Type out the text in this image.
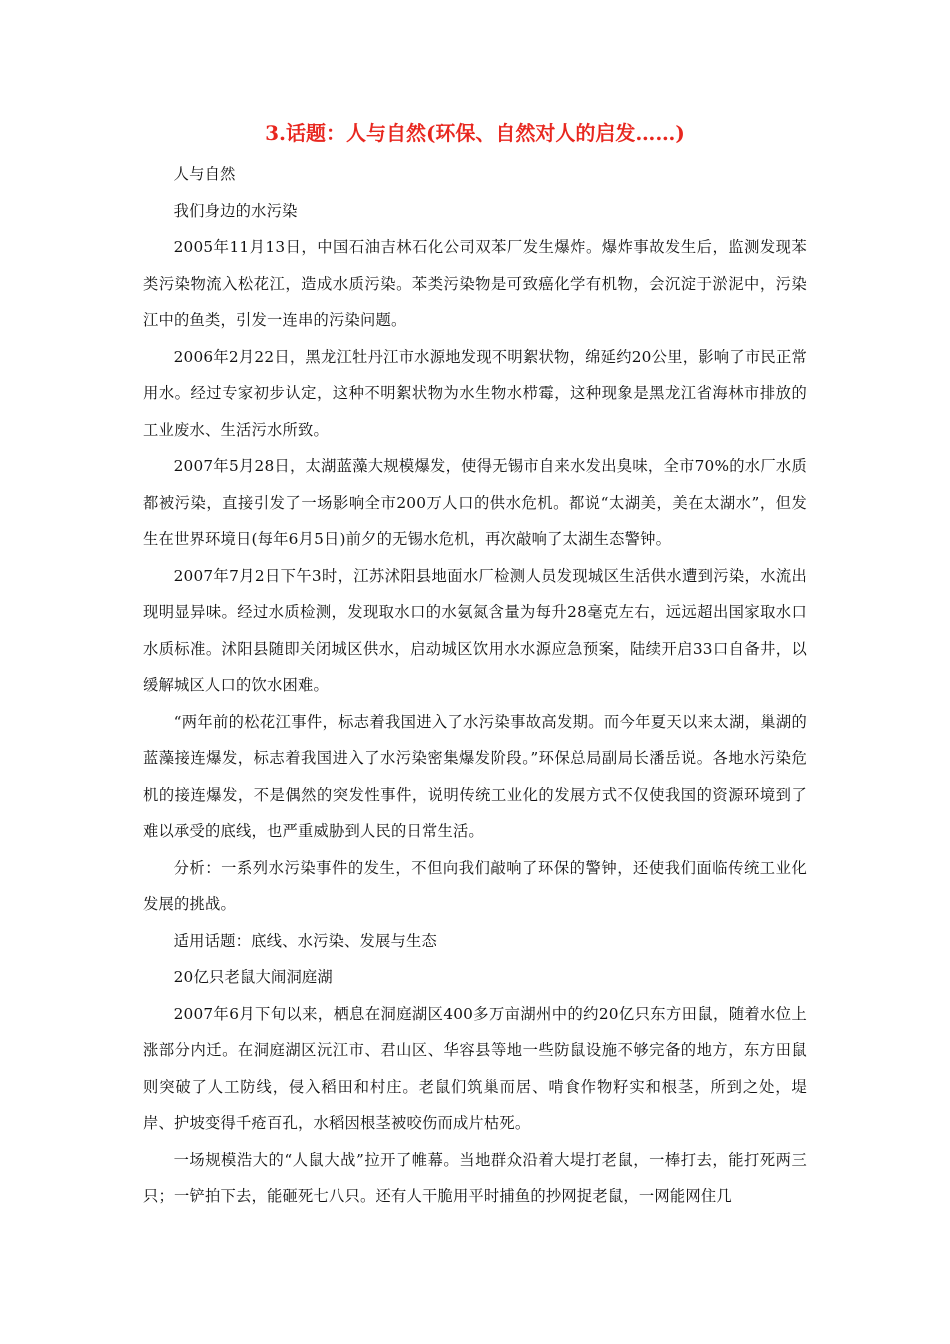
3.话题：人与自然(环保、自然对人的启发……)

人与自然

我们身边的水污染

2005年11月13日，中国石油吉林石化公司双苯厂发生爆炸。爆炸事故发生后，监测发现苯类污染物流入松花江，造成水质污染。苯类污染物是可致癌化学有机物，会沉淀于淤泥中，污染江中的鱼类，引发一连串的污染问题。

2006年2月22日，黑龙江牡丹江市水源地发现不明絮状物，绵延约20公里，影响了市民正常用水。经过专家初步认定，这种不明絮状物为水生物水栉霉，这种现象是黑龙江省海林市排放的工业废水、生活污水所致。

2007年5月28日，太湖蓝藻大规模爆发，使得无锡市自来水发出臭味，全市70%的水厂水质都被污染，直接引发了一场影响全市200万人口的供水危机。都说“太湖美，美在太湖水”，但发生在世界环境日(每年6月5日)前夕的无锡水危机，再次敲响了太湖生态警钟。

2007年7月2日下午3时，江苏沭阳县地面水厂检测人员发现城区生活供水遭到污染，水流出现明显异味。经过水质检测，发现取水口的水氨氮含量为每升28毫克左右，远远超出国家取水口水质标准。沭阳县随即关闭城区供水，启动城区饮用水水源应急预案，陆续开启33口自备井，以缓解城区人口的饮水困难。

“两年前的松花江事件，标志着我国进入了水污染事故高发期。而今年夏天以来太湖，巢湖的蓝藻接连爆发，标志着我国进入了水污染密集爆发阶段。”环保总局副局长潘岳说。各地水污染危机的接连爆发，不是偶然的突发性事件，说明传统工业化的发展方式不仅使我国的资源环境到了难以承受的底线，也严重威胁到人民的日常生活。

分析：一系列水污染事件的发生，不但向我们敲响了环保的警钟，还使我们面临传统工业化发展的挑战。

适用话题：底线、水污染、发展与生态

20亿只老鼠大闹洞庭湖

2007年6月下旬以来，栖息在洞庭湖区400多万亩湖州中的约20亿只东方田鼠，随着水位上涨部分内迁。在洞庭湖区沅江市、君山区、华容县等地一些防鼠设施不够完备的地方，东方田鼠则突破了人工防线，侵入稻田和村庄。老鼠们筑巢而居、啃食作物籽实和根茎，所到之处，堤岸、护坡变得千疮百孔，水稻因根茎被咬伤而成片枯死。

一场规模浩大的“人鼠大战”拉开了帷幕。当地群众沿着大堤打老鼠，一棒打去，能打死两三只；一铲拍下去，能砸死七八只。还有人干脆用平时捕鱼的抄网捉老鼠，一网能网住几
